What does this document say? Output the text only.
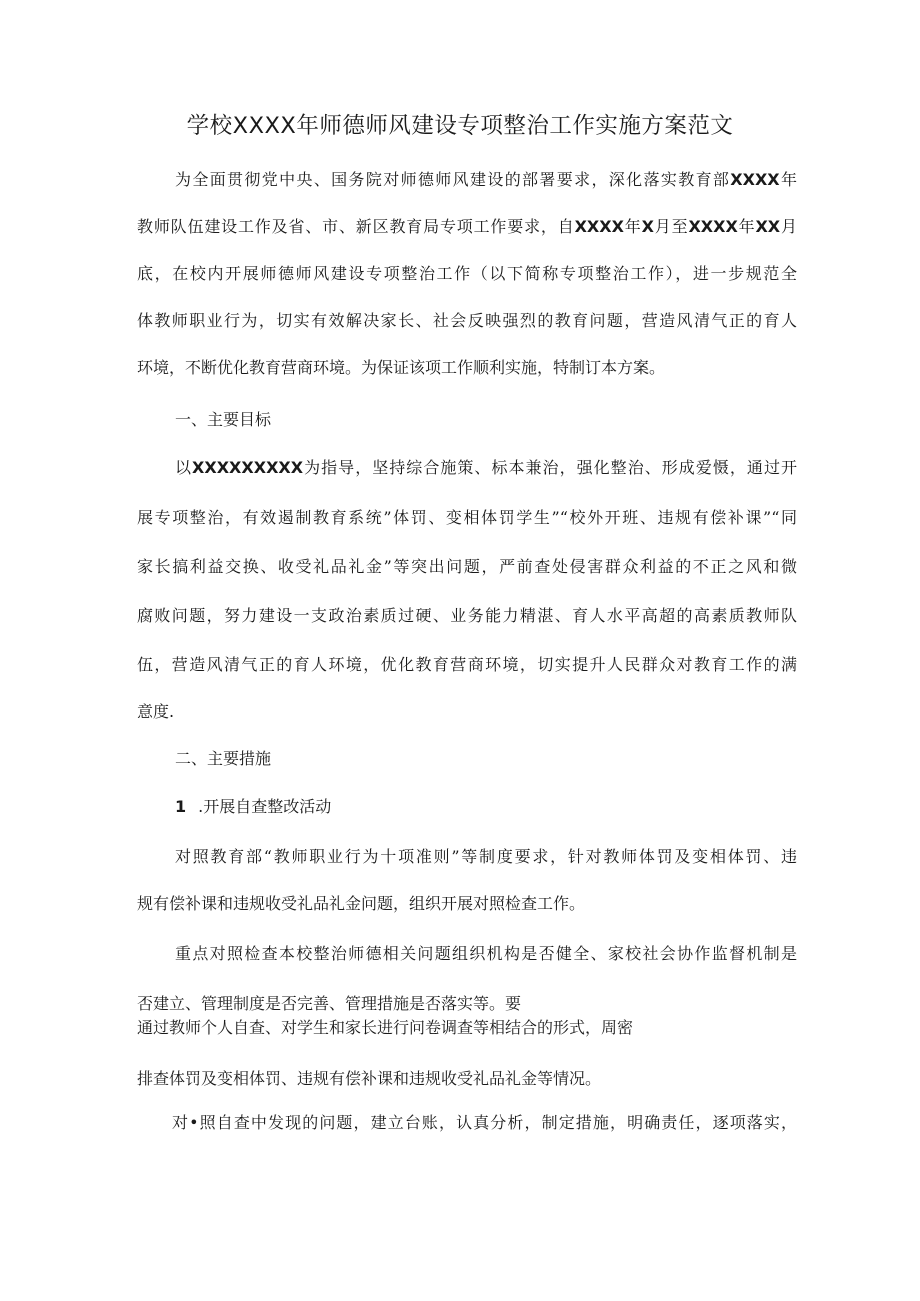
学校XXXX年师德师风建设专项整治工作实施方案范文
为全面贯彻党中央、国务院对师德师风建设的部署要求，深化落实教育部XXXX年
教师队伍建设工作及省、市、新区教育局专项工作要求，自XXXX年X月至XXXX年XX月
底，在校内开展师德师风建设专项整治工作（以下简称专项整治工作），进一步规范全
体教师职业行为，切实有效解决家长、社会反映强烈的教育问题，营造风清气正的育人
环境，不断优化教育营商环境。为保证该项工作顺利实施，特制订本方案。
一、主要目标
以XXXXXXXXX为指导，坚持综合施策、标本兼治，强化整治、形成爱慑，通过开
展专项整治，有效遏制教育系统”体罚、变相体罚学生”“校外开班、违规有偿补课”“同
家长搞利益交换、收受礼品礼金”等突出问题，严前查处侵害群众利益的不正之风和微
腐败问题，努力建设一支政治素质过硬、业务能力精湛、育人水平高超的高素质教师队
伍，营造风清气正的育人环境，优化教育营商环境，切实提升人民群众对教育工作的满
意度.
二、主要措施
1 .开展自查整改活动
对照教育部“教师职业行为十项准则”等制度要求，针对教师体罚及变相体罚、违
规有偿补课和违规收受礼品礼金问题，组织开展对照检查工作。
重点对照检查本校整治师德相关问题组织机构是否健全、家校社会协作监督机制是
否建立、管理制度是否完善、管理措施是否落实等。要
通过教师个人自查、对学生和家长进行问卷调查等相结合的形式，周密
排查体罚及变相体罚、违规有偿补课和违规收受礼品礼金等情况。
对•照自查中发现的问题，建立台账，认真分析，制定措施，明确责任，逐项落实，
